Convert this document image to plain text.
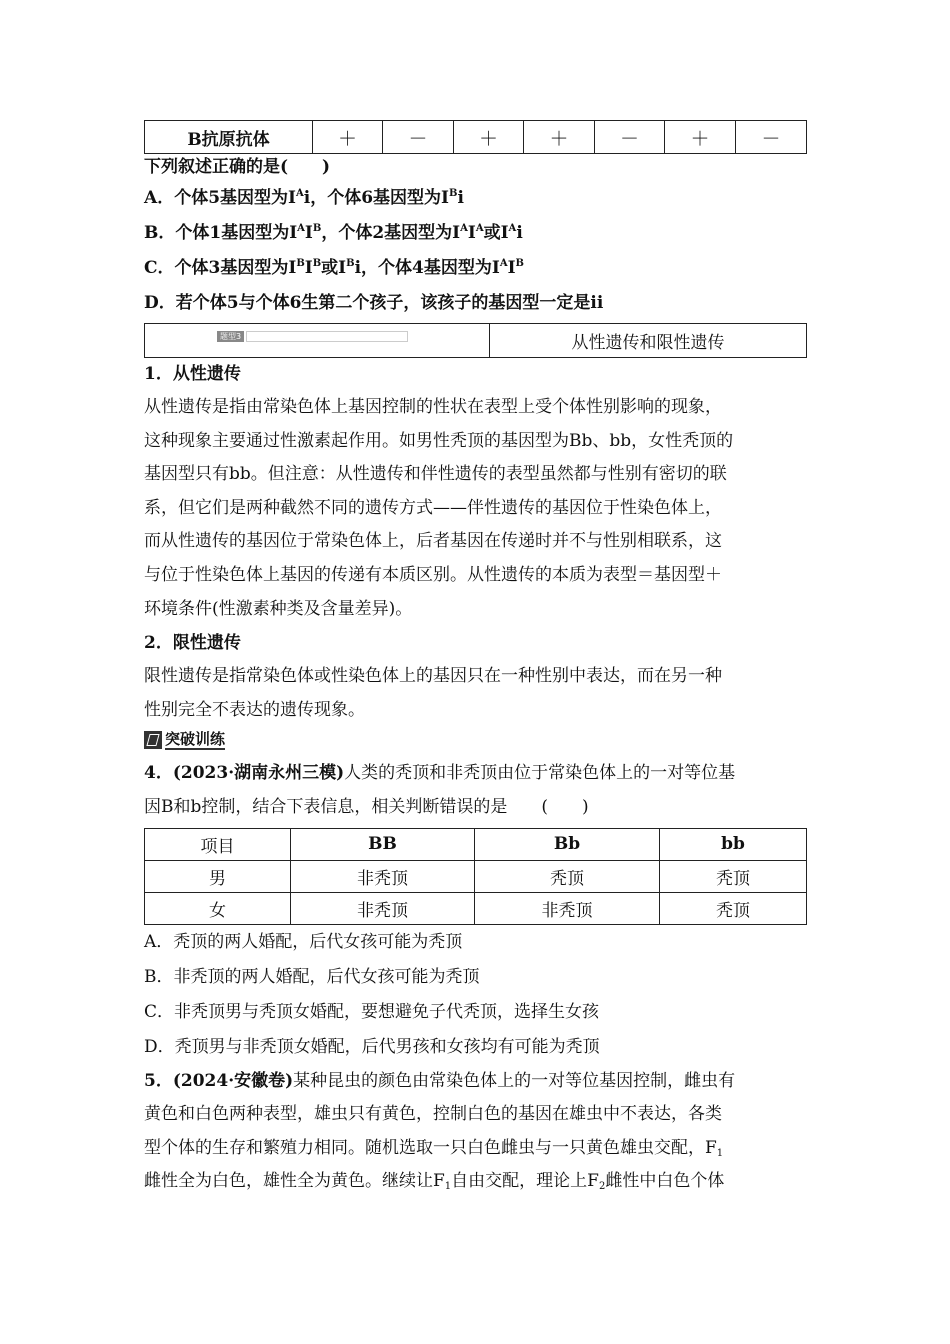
B抗原抗体	＋	－	＋	＋	－	＋	－
下列叙述正确的是(　　)
A．个体5基因型为$I^Ai$，个体6基因型为$I^Bi$
B．个体1基因型为$I^AI^B$，个体2基因型为$I^AI^A$或$I^Ai$
C．个体3基因型为$I^BI^B$或$I^Bi$，个体4基因型为$I^AI^B$
D．若个体5与个体6生第二个孩子，该孩子的基因型一定是ii
题型3	从性遗传和限性遗传
1．从性遗传
从性遗传是指由常染色体上基因控制的性状在表型上受个体性别影响的现象，
这种现象主要通过性激素起作用。如男性秃顶的基因型为Bb、bb，女性秃顶的
基因型只有bb。但注意：从性遗传和伴性遗传的表型虽然都与性别有密切的联
系，但它们是两种截然不同的遗传方式——伴性遗传的基因位于性染色体上，
而从性遗传的基因位于常染色体上，后者基因在传递时并不与性别相联系，这
与位于性染色体上基因的传递有本质区别。从性遗传的本质为表型＝基因型＋
环境条件(性激素种类及含量差异)。
2．限性遗传
限性遗传是指常染色体或性染色体上的基因只在一种性别中表达，而在另一种
性别完全不表达的遗传现象。
突破训练
4．(2023·湖南永州三模)人类的秃顶和非秃顶由位于常染色体上的一对等位基
因B和b控制，结合下表信息，相关判断错误的是　　(　　)
项目	BB	Bb	bb
男	非秃顶	秃顶	秃顶
女	非秃顶	非秃顶	秃顶
A．秃顶的两人婚配，后代女孩可能为秃顶
B．非秃顶的两人婚配，后代女孩可能为秃顶
C．非秃顶男与秃顶女婚配，要想避免子代秃顶，选择生女孩
D．秃顶男与非秃顶女婚配，后代男孩和女孩均有可能为秃顶
5．(2024·安徽卷)某种昆虫的颜色由常染色体上的一对等位基因控制，雌虫有
黄色和白色两种表型，雄虫只有黄色，控制白色的基因在雄虫中不表达，各类
型个体的生存和繁殖力相同。随机选取一只白色雌虫与一只黄色雄虫交配，$F_1$
雌性全为白色，雄性全为黄色。继续让$F_1$自由交配，理论上$F_2$雌性中白色个体
